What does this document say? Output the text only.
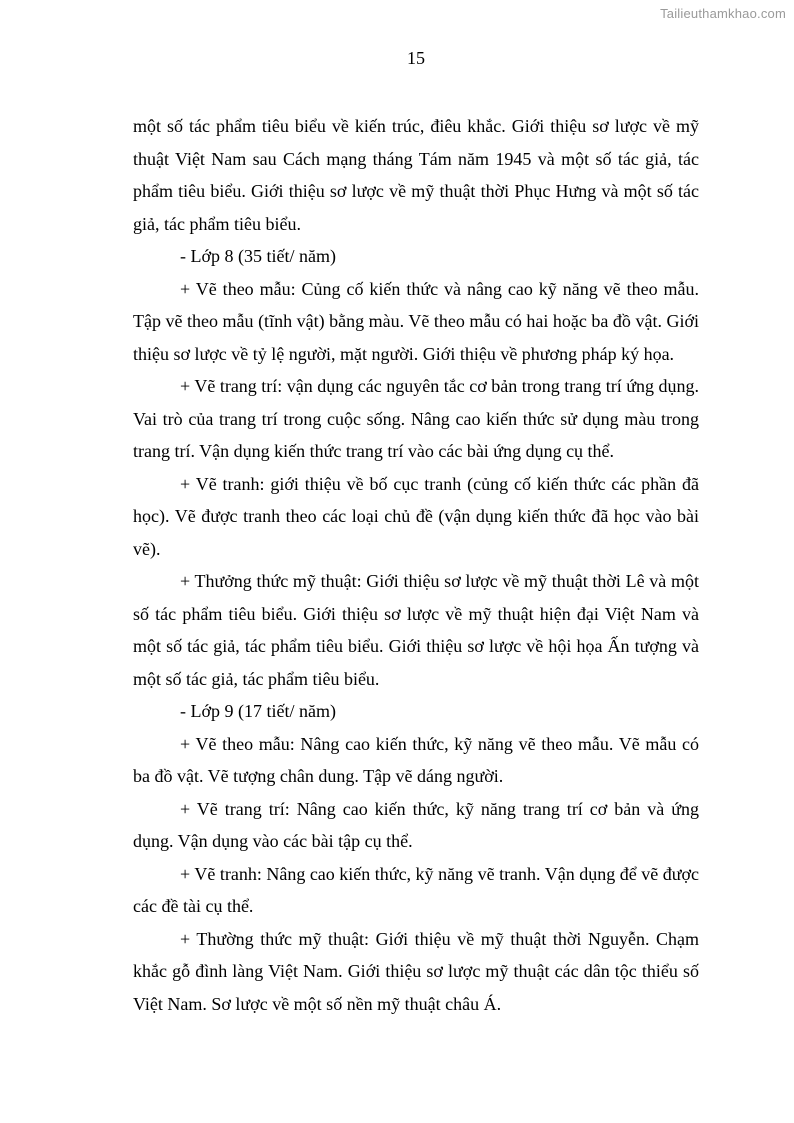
Tailieuthamkhao.com
15

một số tác phẩm tiêu biểu về kiến trúc, điêu khắc. Giới thiệu sơ lược về mỹ thuật Việt Nam sau Cách mạng tháng Tám năm 1945 và một số tác giả, tác phẩm tiêu biểu. Giới thiệu sơ lược về mỹ thuật thời Phục Hưng và một số tác giả, tác phẩm tiêu biểu.

- Lớp 8 (35 tiết/ năm)

+ Vẽ theo mẫu: Củng cố kiến thức và nâng cao kỹ năng vẽ theo mẫu. Tập vẽ theo mẫu (tĩnh vật) bằng màu. Vẽ theo mẫu có hai hoặc ba đồ vật. Giới thiệu sơ lược về tỷ lệ người, mặt người. Giới thiệu về phương pháp ký họa.

+ Vẽ trang trí: vận dụng các nguyên tắc cơ bản trong trang trí ứng dụng. Vai trò của trang trí trong cuộc sống. Nâng cao kiến thức sử dụng màu trong trang trí. Vận dụng kiến thức trang trí vào các bài ứng dụng cụ thể.

+ Vẽ tranh: giới thiệu về bố cục tranh (củng cố kiến thức các phần đã học). Vẽ được tranh theo các loại chủ đề (vận dụng kiến thức đã học vào bài vẽ).

+ Thưởng thức mỹ thuật: Giới thiệu sơ lược về mỹ thuật thời Lê và một số tác phẩm tiêu biểu. Giới thiệu sơ lược về mỹ thuật hiện đại Việt Nam và một số tác giả, tác phẩm tiêu biểu. Giới thiệu sơ lược về hội họa Ấn tượng và một số tác giả, tác phẩm tiêu biểu.

- Lớp 9 (17 tiết/ năm)

+ Vẽ theo mẫu: Nâng cao kiến thức, kỹ năng vẽ theo mẫu. Vẽ mẫu có ba đồ vật. Vẽ tượng chân dung. Tập vẽ dáng người.

+ Vẽ trang trí: Nâng cao kiến thức, kỹ năng trang trí cơ bản và ứng dụng. Vận dụng vào các bài tập cụ thể.

+ Vẽ tranh: Nâng cao kiến thức, kỹ năng vẽ tranh. Vận dụng để vẽ được các đề tài cụ thể.

+ Thường thức mỹ thuật: Giới thiệu về mỹ thuật thời Nguyễn. Chạm khắc gỗ đình làng Việt Nam. Giới thiệu sơ lược mỹ thuật các dân tộc thiểu số Việt Nam. Sơ lược về một số nền mỹ thuật châu Á.
